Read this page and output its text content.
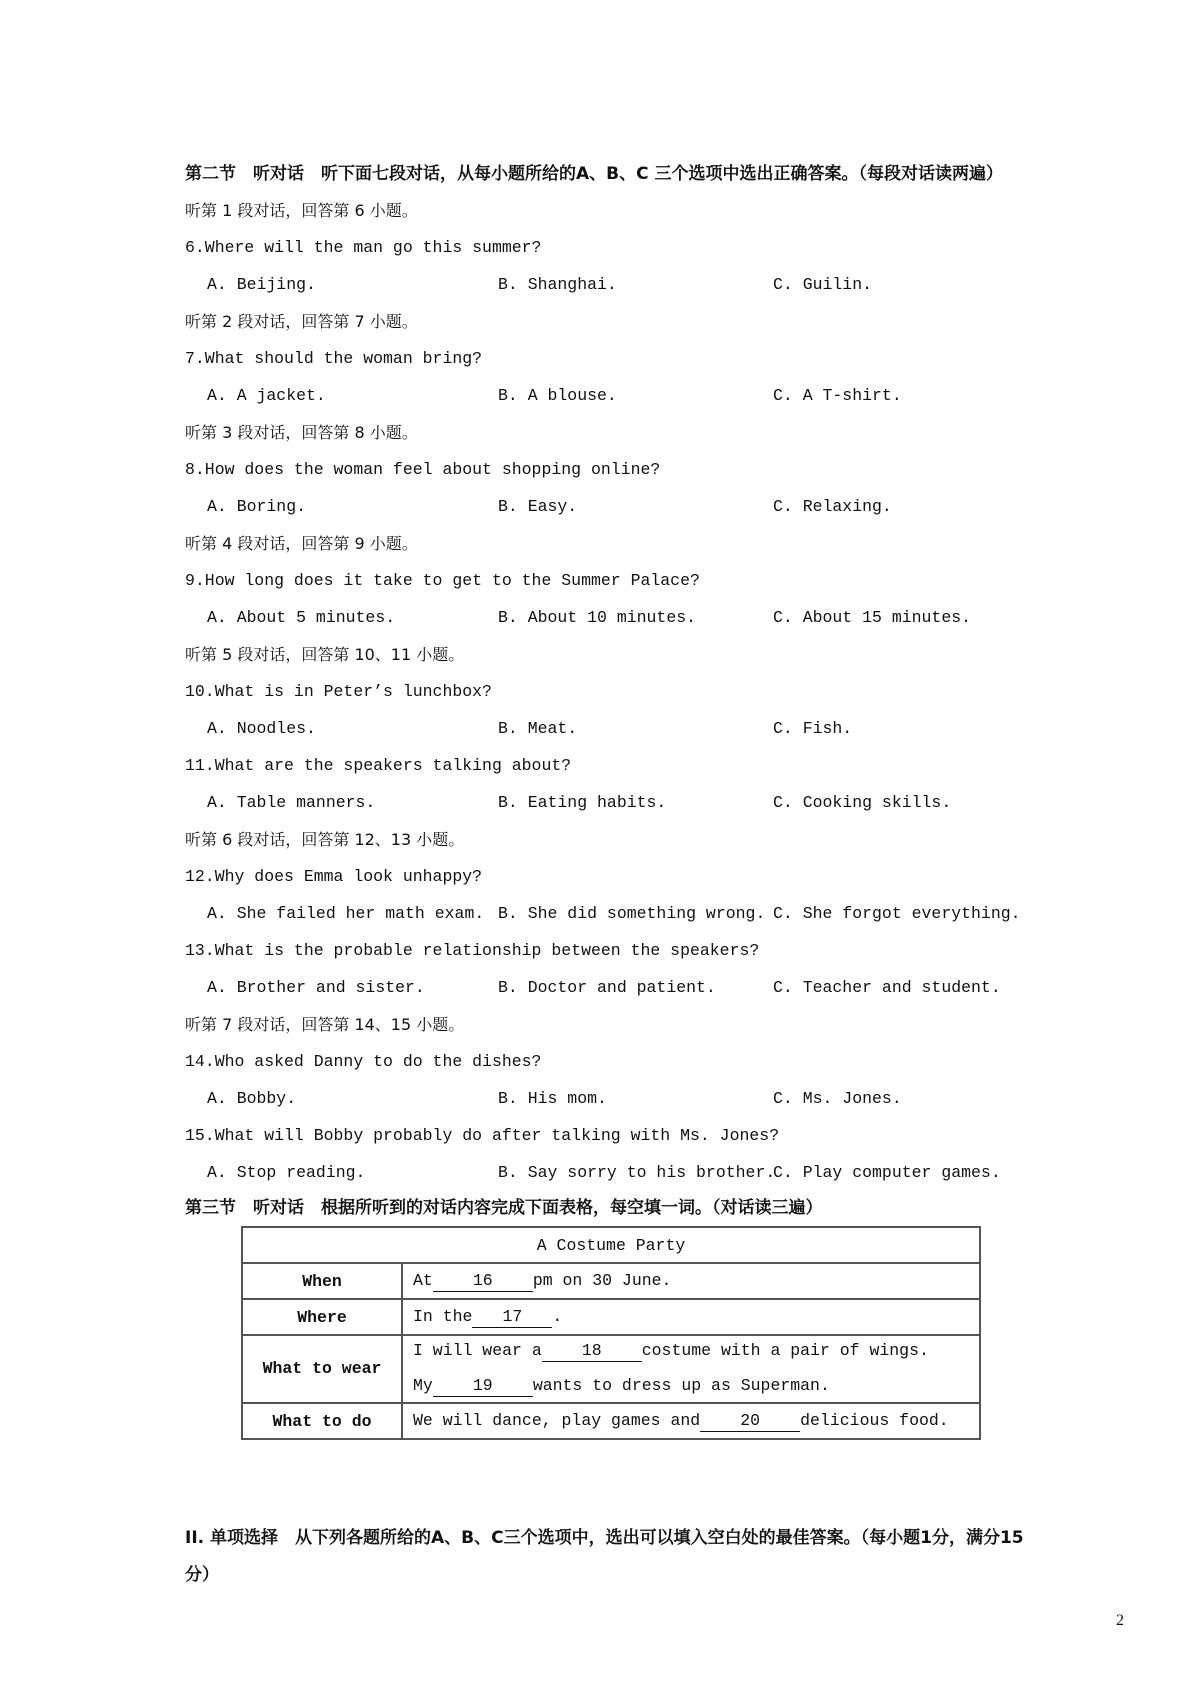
第二节　听对话　听下面七段对话，从每小题所给的A、B、C 三个选项中选出正确答案。（每段对话读两遍）
听第 1 段对话，回答第 6 小题。
6.Where will the man go this summer?
A. Beijing.	B. Shanghai.	C. Guilin.
听第 2 段对话，回答第 7 小题。
7.What should the woman bring?
A. A jacket.	B. A blouse.	C. A T-shirt.
听第 3 段对话，回答第 8 小题。
8.How does the woman feel about shopping online?
A. Boring.	B. Easy.	C. Relaxing.
听第 4 段对话，回答第 9 小题。
9.How long does it take to get to the Summer Palace?
A. About 5 minutes.	B. About 10 minutes.	C. About 15 minutes.
听第 5 段对话，回答第 10、11 小题。
10.What is in Peter’s lunchbox?
A. Noodles.	B. Meat.	C. Fish.
11.What are the speakers talking about?
A. Table manners.	B. Eating habits.	C. Cooking skills.
听第 6 段对话，回答第 12、13 小题。
12.Why does Emma look unhappy?
A. She failed her math exam. B. She did something wrong. C. She forgot everything.
13.What is the probable relationship between the speakers?
A. Brother and sister.	B. Doctor and patient.	C. Teacher and student.
听第 7 段对话，回答第 14、15 小题。
14.Who asked Danny to do the dishes?
A. Bobby.	B. His mom.	C. Ms. Jones.
15.What will Bobby probably do after talking with Ms. Jones?
A. Stop reading.	B. Say sorry to his brother.
C. Play computer games.
第三节　听对话　根据所听到的对话内容完成下面表格，每空填一词。（对话读三遍）
A Costume Party	
When	At 16 pm on 30 June.

Where	In the 17 .

What to wear	I will wear a 18 costume with a pair of wings.
My 19 wants to dress up as Superman.

What to do	We will dance, play games and 20 delicious food.
II. 单项选择　从下列各题所给的A、B、C三个选项中，选出可以填入空白处的最佳答案。（每小题1分，满分15分）
2
